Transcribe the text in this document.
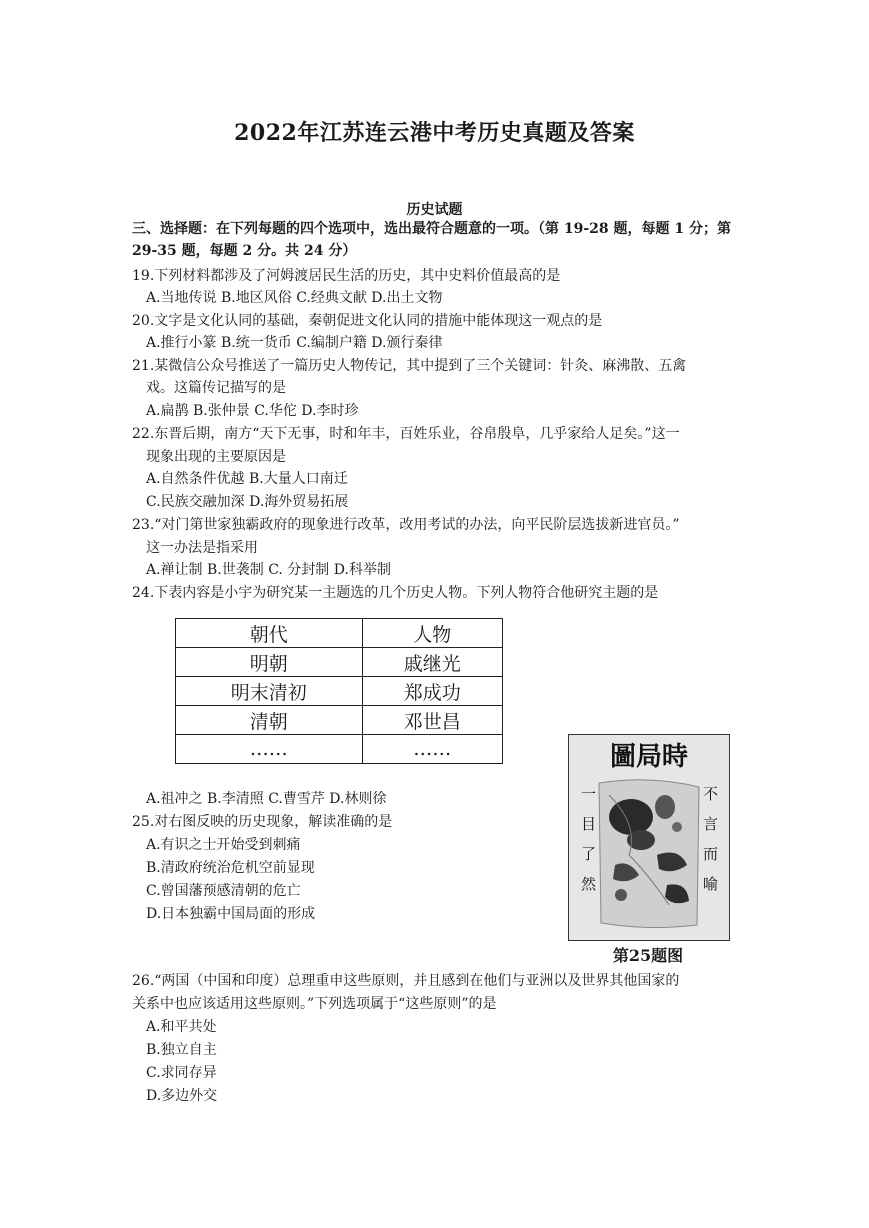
2022年江苏连云港中考历史真题及答案
历史试题
三、选择题：在下列每题的四个选项中，选出最符合题意的一项。（第 19-28 题，每题 1 分；第 29-35 题，每题 2 分。共 24 分）
19.下列材料都涉及了河姆渡居民生活的历史，其中史料价值最高的是
A.当地传说 B.地区风俗 C.经典文献 D.出土文物
20.文字是文化认同的基础，秦朝促进文化认同的措施中能体现这一观点的是
A.推行小篆 B.统一货币 C.编制户籍 D.颁行秦律
21.某微信公众号推送了一篇历史人物传记，其中提到了三个关键词：针灸、麻沸散、五禽
戏。这篇传记描写的是
A.扁鹊 B.张仲景 C.华佗 D.李时珍
22.东晋后期，南方“天下无事，时和年丰，百姓乐业，谷帛殷阜，几乎家给人足矣。”这一
现象出现的主要原因是
A.自然条件优越 B.大量人口南迁
C.民族交融加深 D.海外贸易拓展
23.“对门第世家独霸政府的现象进行改革，改用考试的办法，向平民阶层选拔新进官员。”
这一办法是指采用
A.禅让制 B.世袭制 C. 分封制 D.科举制
24.下表内容是小宇为研究某一主题选的几个历史人物。下列人物符合他研究主题的是
朝代	人物
明朝	戚继光
明末清初	郑成功
清朝	邓世昌
……	……
A.祖冲之 B.李清照 C.曹雪芹 D.林则徐
25.对右图反映的历史现象，解读准确的是
A.有识之士开始受到刺痛
B.清政府统治危机空前显现
C.曾国藩预感清朝的危亡
D.日本独霸中国局面的形成
圖局時
一
目
了
然
不
言
而
喻
第25题图
26.“两国（中国和印度）总理重申这些原则，并且感到在他们与亚洲以及世界其他国家的
关系中也应该适用这些原则。”下列选项属于“这些原则”的是
A.和平共处
B.独立自主
C.求同存异
D.多边外交
